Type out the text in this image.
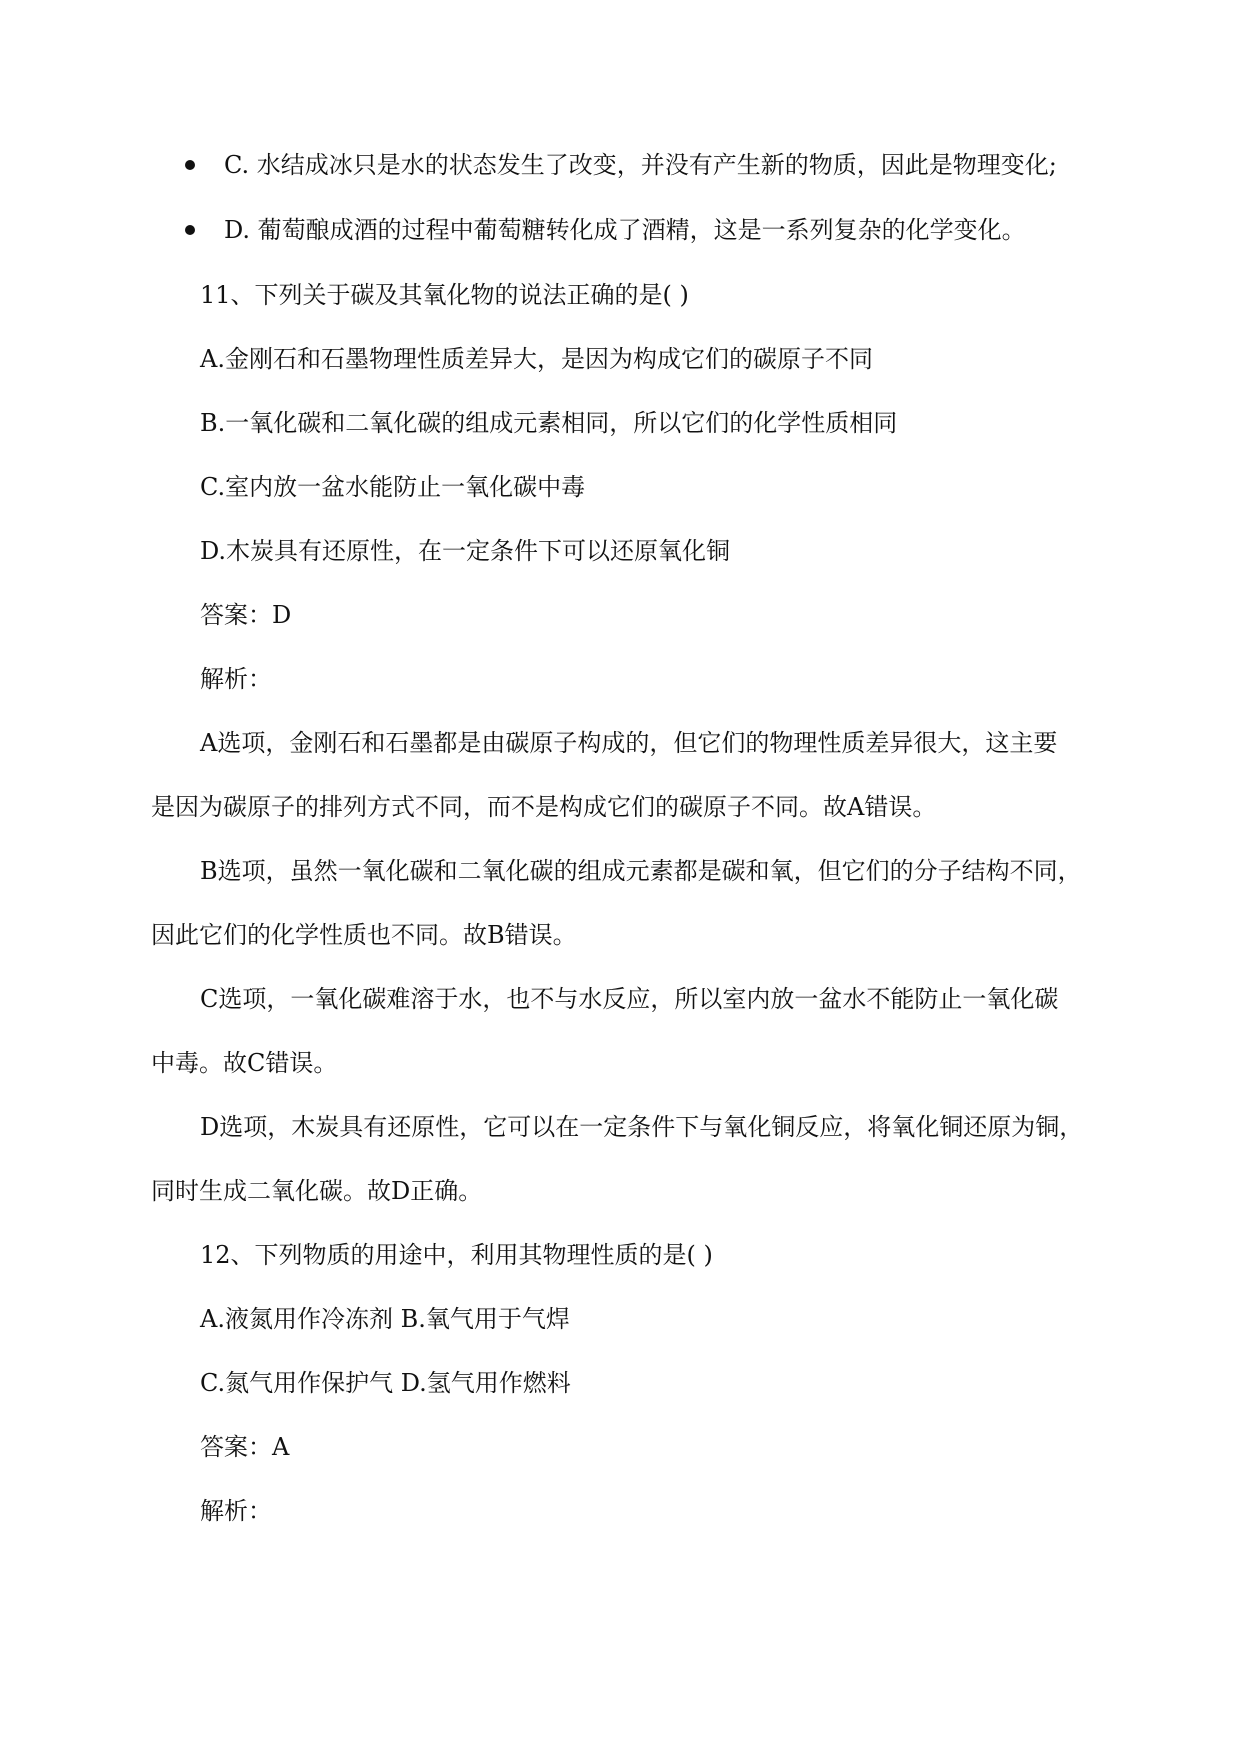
C. 水结成冰只是水的状态发生了改变，并没有产生新的物质，因此是物理变化;
D. 葡萄酿成酒的过程中葡萄糖转化成了酒精，这是一系列复杂的化学变化。
11、下列关于碳及其氧化物的说法正确的是( )
A.金刚石和石墨物理性质差异大，是因为构成它们的碳原子不同
B.一氧化碳和二氧化碳的组成元素相同，所以它们的化学性质相同
C.室内放一盆水能防止一氧化碳中毒
D.木炭具有还原性，在一定条件下可以还原氧化铜
答案：D
解析：
A选项，金刚石和石墨都是由碳原子构成的，但它们的物理性质差异很大，这主要
是因为碳原子的排列方式不同，而不是构成它们的碳原子不同。故A错误。
B选项，虽然一氧化碳和二氧化碳的组成元素都是碳和氧，但它们的分子结构不同，
因此它们的化学性质也不同。故B错误。
C选项，一氧化碳难溶于水，也不与水反应，所以室内放一盆水不能防止一氧化碳
中毒。故C错误。
D选项，木炭具有还原性，它可以在一定条件下与氧化铜反应，将氧化铜还原为铜，
同时生成二氧化碳。故D正确。
12、下列物质的用途中，利用其物理性质的是( )
A.液氮用作冷冻剂 B.氧气用于气焊
C.氮气用作保护气 D.氢气用作燃料
答案：A
解析：
